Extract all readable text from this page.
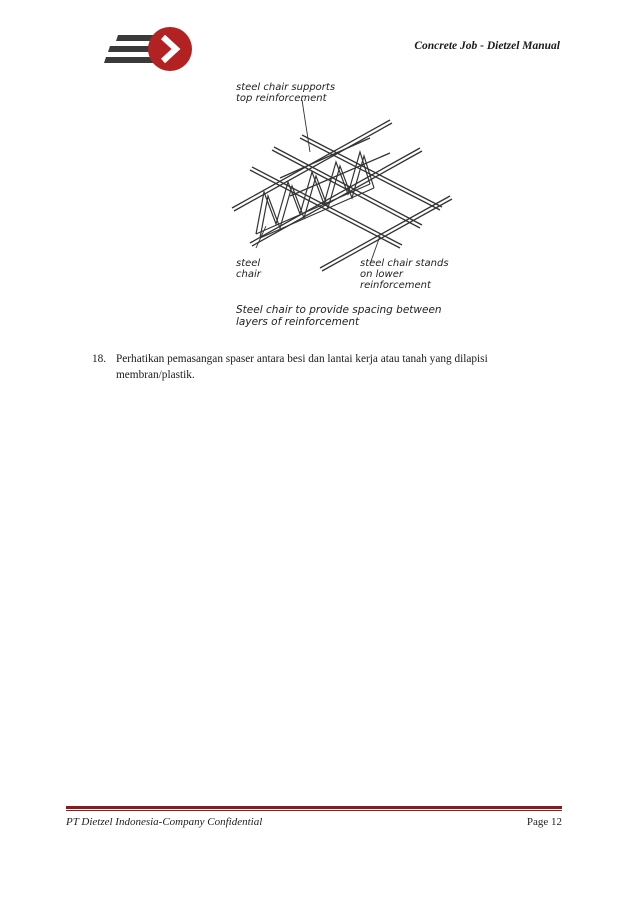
Concrete Job - Dietzel Manual
steel chair supports top reinforcement
steel chair
steel chair stands on lower reinforcement
Steel chair to provide spacing between layers of reinforcement
18. Perhatikan pemasangan spaser antara besi dan lantai kerja atau tanah yang dilapisi membran/plastik.
PT Dietzel Indonesia-Company Confidential	Page 12
